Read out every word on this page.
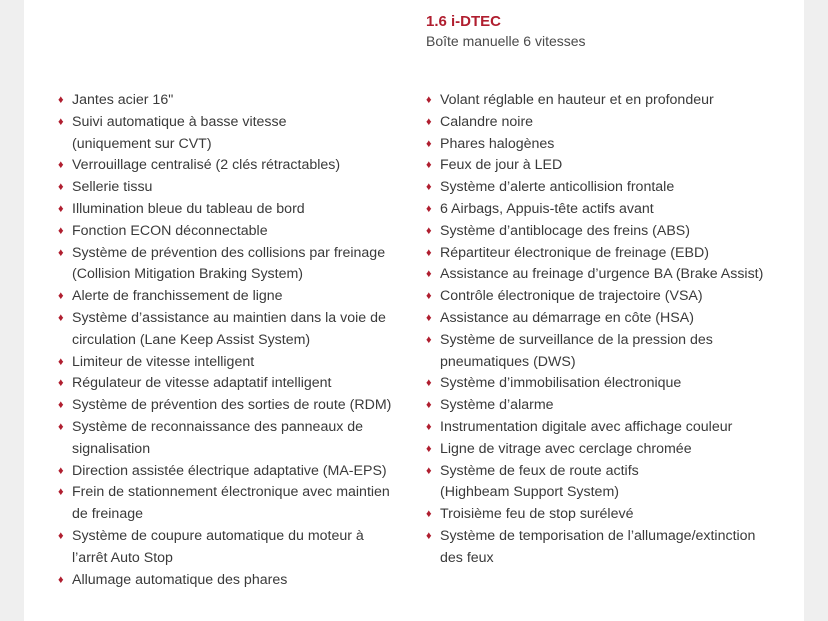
1.6 i-DTEC
Boîte manuelle 6 vitesses
♦ Jantes acier 16"
♦ Suivi automatique à basse vitesse
(uniquement sur CVT)
♦ Verrouillage centralisé (2 clés rétractables)
♦ Sellerie tissu
♦ Illumination bleue du tableau de bord
♦ Fonction ECON déconnectable
♦ Système de prévention des collisions par freinage
(Collision Mitigation Braking System)
♦ Alerte de franchissement de ligne
♦ Système d’assistance au maintien dans la voie de
circulation (Lane Keep Assist System)
♦ Limiteur de vitesse intelligent
♦ Régulateur de vitesse adaptatif intelligent
♦ Système de prévention des sorties de route (RDM)
♦ Système de reconnaissance des panneaux de
signalisation
♦ Direction assistée électrique adaptative (MA-EPS)
♦ Frein de stationnement électronique avec maintien
de freinage
♦ Système de coupure automatique du moteur à
l’arrêt Auto Stop
♦ Allumage automatique des phares
♦ Volant réglable en hauteur et en profondeur
♦ Calandre noire
♦ Phares halogènes
♦ Feux de jour à LED
♦ Système d’alerte anticollision frontale
♦ 6 Airbags, Appuis-tête actifs avant
♦ Système d’antiblocage des freins (ABS)
♦ Répartiteur électronique de freinage (EBD)
♦ Assistance au freinage d’urgence BA (Brake Assist)
♦ Contrôle électronique de trajectoire (VSA)
♦ Assistance au démarrage en côte (HSA)
♦ Système de surveillance de la pression des
pneumatiques (DWS)
♦ Système d’immobilisation électronique
♦ Système d’alarme
♦ Instrumentation digitale avec affichage couleur
♦ Ligne de vitrage avec cerclage chromée
♦ Système de feux de route actifs
(Highbeam Support System)
♦ Troisième feu de stop surélevé
♦ Système de temporisation de l’allumage/extinction
des feux
